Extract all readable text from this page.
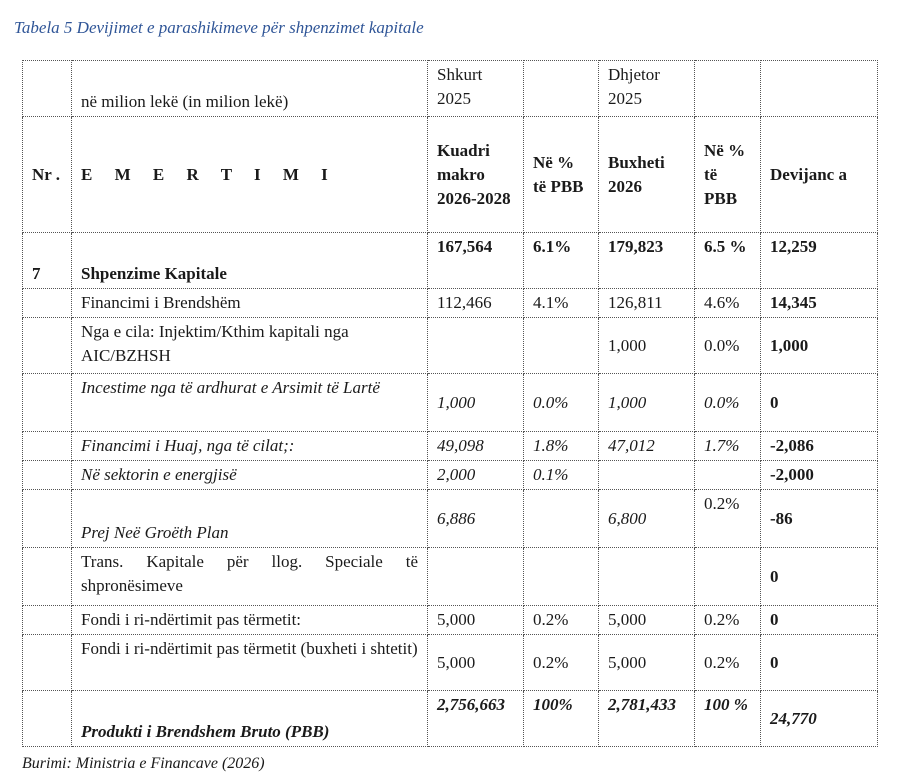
Tabela 5 Devijimet e parashikimeve për shpenzimet kapitale
	në milion lekë (in milion lekë)	Shkurt 2025		Dhjetor 2025		
Nr .	E M E R T I M I	Kuadri makro 2026-2028	Në % të PBB	Buxheti 2026	Në % të PBB	Devijanc a
7	Shpenzime Kapitale	167,564	6.1%	179,823	6.5 %	12,259
	Financimi i Brendshëm	112,466	4.1%	126,811	4.6%	14,345
	Nga e cila: Injektim/Kthim kapitali nga AIC/BZHSH			1,000	0.0%	1,000
	Incestime nga të ardhurat e Arsimit të Lartë	1,000	0.0%	1,000	0.0%	0
	Financimi i Huaj, nga të cilat;:	49,098	1.8%	47,012	1.7%	-2,086
	Në sektorin e energjisë	2,000	0.1%			-2,000
	Prej Neë Groëth Plan	6,886		6,800	0.2%	-86
	Trans. Kapitale për llog. Speciale të shpronësimeve					0
	Fondi i ri-ndërtimit pas tërmetit:	5,000	0.2%	5,000	0.2%	0
	Fondi i ri-ndërtimit pas tërmetit (buxheti i shtetit)	5,000	0.2%	5,000	0.2%	0
	Produkti i Brendshem Bruto (PBB)	2,756,663	100%	2,781,433	100 %	24,770
Burimi: Ministria e Financave (2026)
